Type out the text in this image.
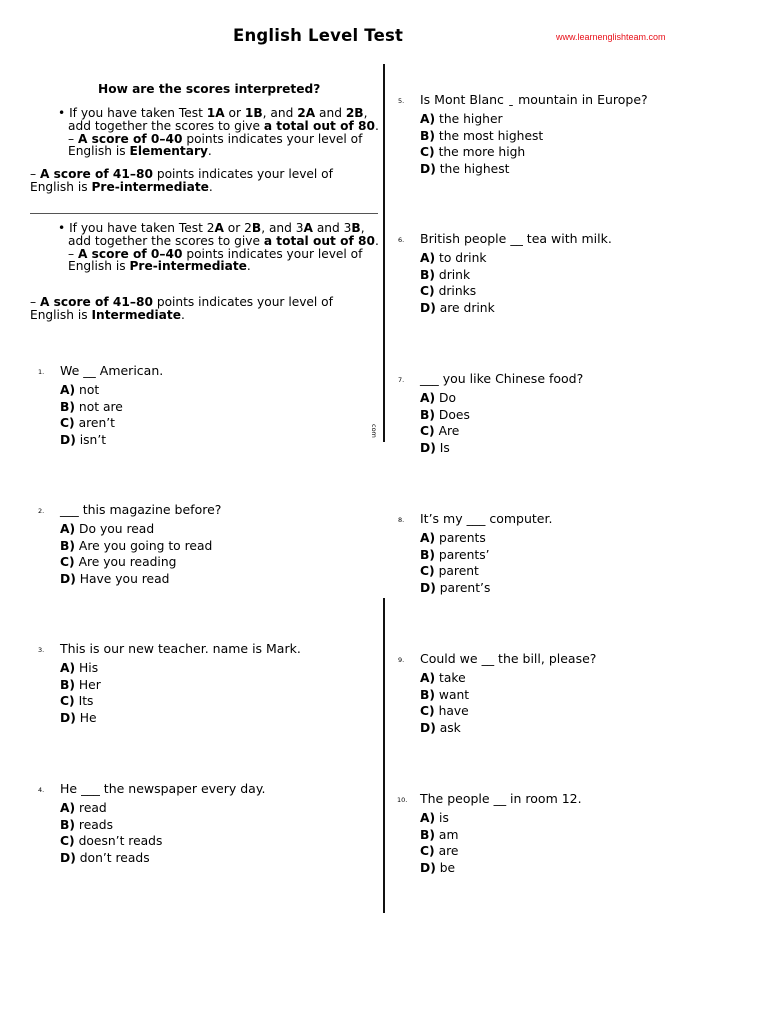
English Level Test	www.learnenglishteam.com
com
How are the scores interpreted?
• If you have taken Test 1A or 1B, and 2A and 2B, add together the scores to give a total out of 80. – A score of 0–40 points indicates your level of English is Elementary.
– A score of 41–80 points indicates your level of English is Pre-intermediate.
• If you have taken Test 2A or 2B, and 3A and 3B, add together the scores to give a total out of 80. – A score of 0–40 points indicates your level of English is Pre-intermediate.
– A score of 41–80 points indicates your level of English is Intermediate.
1. We __ American.
A) not
B) not are
C) aren’t
D) isn’t
2. ___ this magazine before?
A) Do you read
B) Are you going to read
C) Are you reading
D) Have you read
3. This is our new teacher. name is Mark.
A) His
B) Her
C) Its
D) He
4. He ___ the newspaper every day.
A) read
B) reads
C) doesn’t reads
D) don’t reads
5. Is Mont Blanc ˍ mountain in Europe?
A) the higher
B) the most highest
C) the more high
D) the highest
6. British people __ tea with milk.
A) to drink
B) drink
C) drinks
D) are drink
7. ___ you like Chinese food?
A) Do
B) Does
C) Are
D) Is
8. It’s my ___ computer.
A) parents
B) parents’
C) parent
D) parent’s
9. Could we __ the bill, please?
A) take
B) want
C) have
D) ask
10. The people __ in room 12.
A) is
B) am
C) are
D) be
